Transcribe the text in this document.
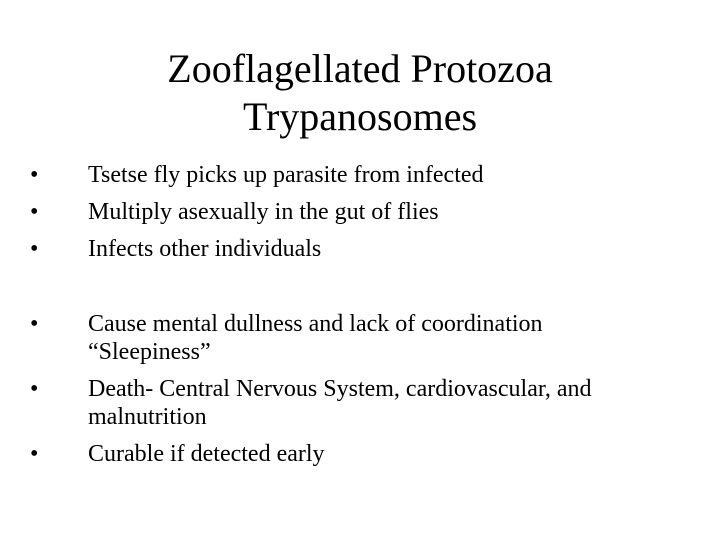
Zooflagellated Protozoa
Trypanosomes
• Tsetse fly picks up parasite from infected
• Multiply asexually in the gut of flies
• Infects other individuals
• Cause mental dullness and lack of coordination “Sleepiness”
• Death- Central Nervous System, cardiovascular, and malnutrition
• Curable if detected early
